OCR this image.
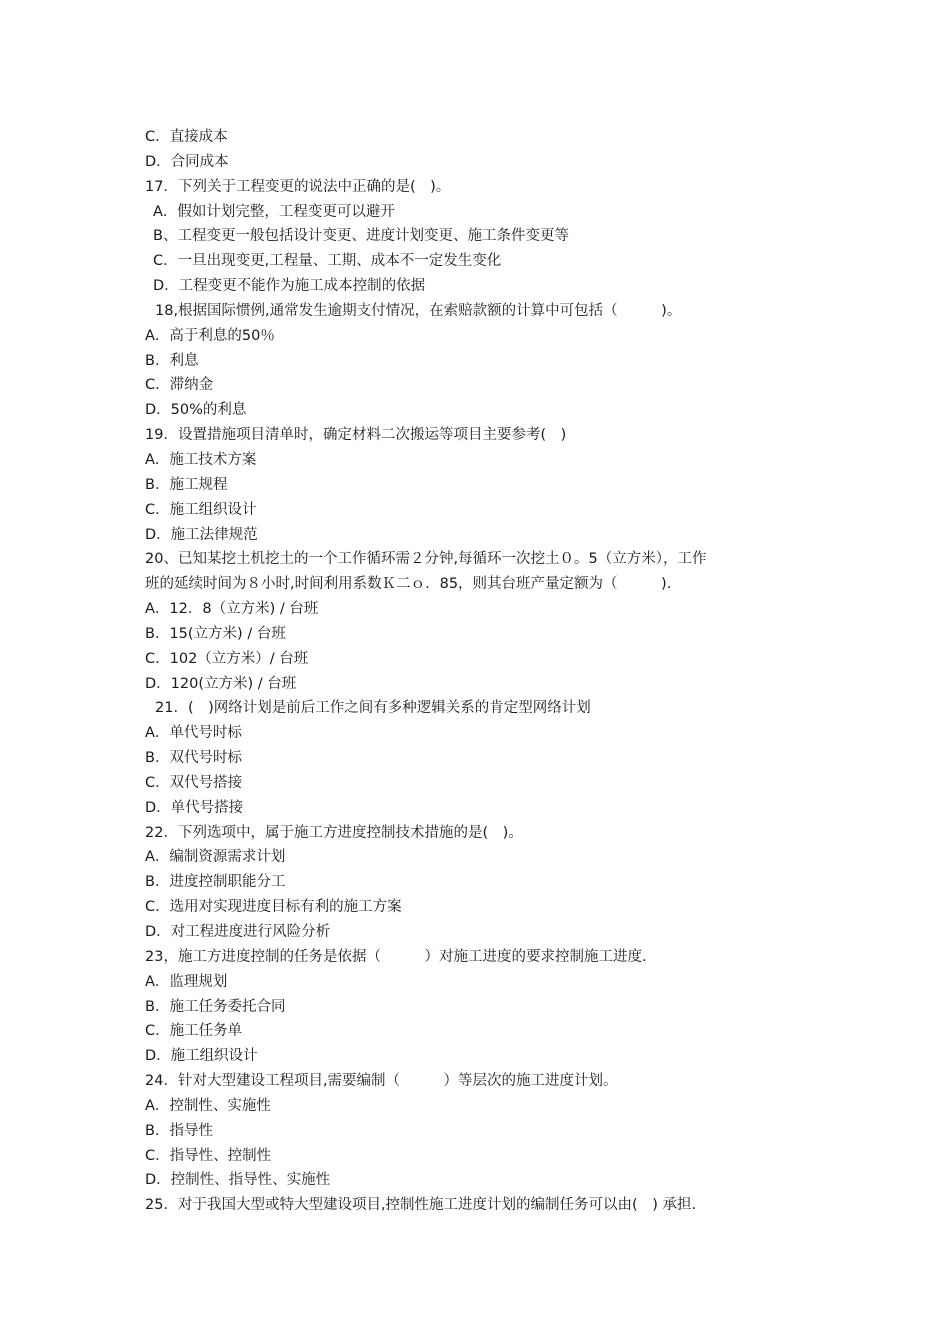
C．直接成本
D．合同成本
17．下列关于工程变更的说法中正确的是(　)。
A．假如计划完整，工程变更可以避开
B、工程变更一般包括设计变更、进度计划变更、施工条件变更等
C．一旦出现变更,工程量、工期、成本不一定发生变化
D．工程变更不能作为施工成本控制的依据
18,根据国际惯例,通常发生逾期支付情况，在索赔款额的计算中可包括（　　　)。
A．高于利息的50％
B．利息
C．滞纳金
D．50%的利息
19．设置措施项目清单时，确定材料二次搬运等项目主要参考(　)
A．施工技术方案
B．施工规程
C．施工组织设计
D．施工法律规范
20、已知某挖土机挖土的一个工作循环需２分钟,每循环一次挖土０。5（立方米），工作
班的延续时间为８小时,时间利用系数Ｋ二ｏ．85，则其台班产量定额为（　　　).
A．12．8（立方米) / 台班
B．15(立方米) / 台班
C．102（立方米）/ 台班
D．120(立方米) / 台班
21．(　)网络计划是前后工作之间有多种逻辑关系的肯定型网络计划
A．单代号时标
B．双代号时标
C．双代号搭接
D．单代号搭接
22．下列选项中，属于施工方进度控制技术措施的是(　)。
A．编制资源需求计划
B．进度控制职能分工
C．选用对实现进度目标有利的施工方案
D．对工程进度进行风险分析
23，施工方进度控制的任务是依据（　　　）对施工进度的要求控制施工进度.
A．监理规划
B．施工任务委托合同
C．施工任务单
D．施工组织设计
24．针对大型建设工程项目,需要编制（　　　）等层次的施工进度计划。
A．控制性、实施性
B．指导性
C．指导性、控制性
D．控制性、指导性、实施性
25．对于我国大型或特大型建设项目,控制性施工进度计划的编制任务可以由(　) 承担.
